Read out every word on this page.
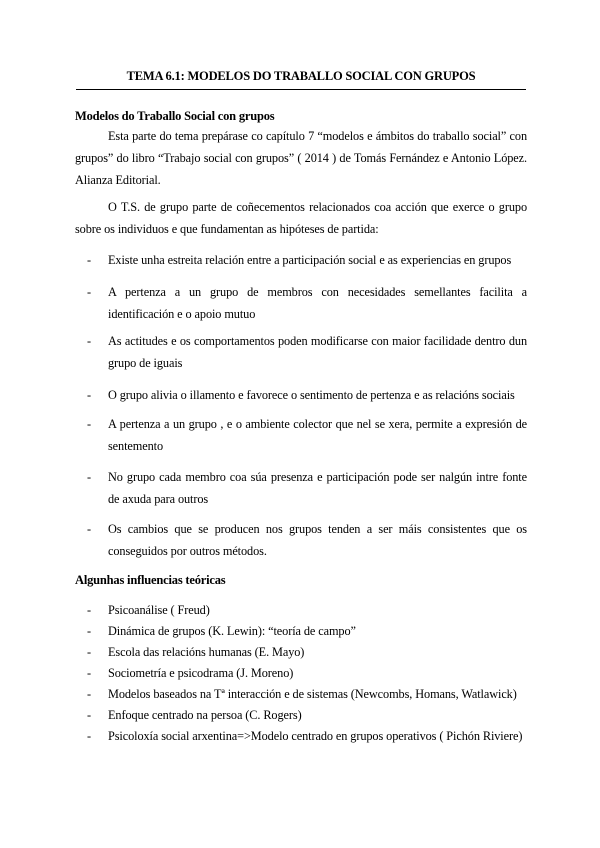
TEMA 6.1: MODELOS DO TRABALLO SOCIAL CON GRUPOS
Modelos do Traballo Social con grupos
Esta parte do tema prepárase co capítulo 7 “modelos e ámbitos do traballo social” con grupos” do libro “Trabajo social con grupos” ( 2014 ) de Tomás Fernández e Antonio López. Alianza Editorial.
O T.S. de grupo parte de coñecementos relacionados coa acción que exerce o grupo sobre os individuos e que fundamentan as hipóteses de partida:
-	Existe unha estreita relación entre a participación social e as experiencias en grupos
-	A pertenza a un grupo de membros con necesidades semellantes facilita a identificación e o apoio mutuo
-	As actitudes e os comportamentos poden modificarse con maior facilidade dentro dun grupo de iguais
-	O grupo alivia o illamento e favorece o sentimento de pertenza e as relacións sociais
-	A pertenza a un grupo , e o ambiente colector que nel se xera, permite a expresión de sentemento
-	No grupo cada membro coa súa presenza e participación pode ser nalgún intre fonte de axuda para outros
-	Os cambios que se producen nos grupos tenden a ser máis consistentes que os conseguidos por outros métodos.
Algunhas influencias teóricas
- Psicoanálise ( Freud)
- Dinámica de grupos (K. Lewin): “teoría de campo”
- Escola das relacións humanas (E. Mayo)
- Sociometría e psicodrama (J. Moreno)
- Modelos baseados na Tª interacción e de sistemas (Newcombs, Homans, Watlawick)
- Enfoque centrado na persoa (C. Rogers)
- Psicoloxía social arxentina=>Modelo centrado en grupos operativos ( Pichón Riviere)
